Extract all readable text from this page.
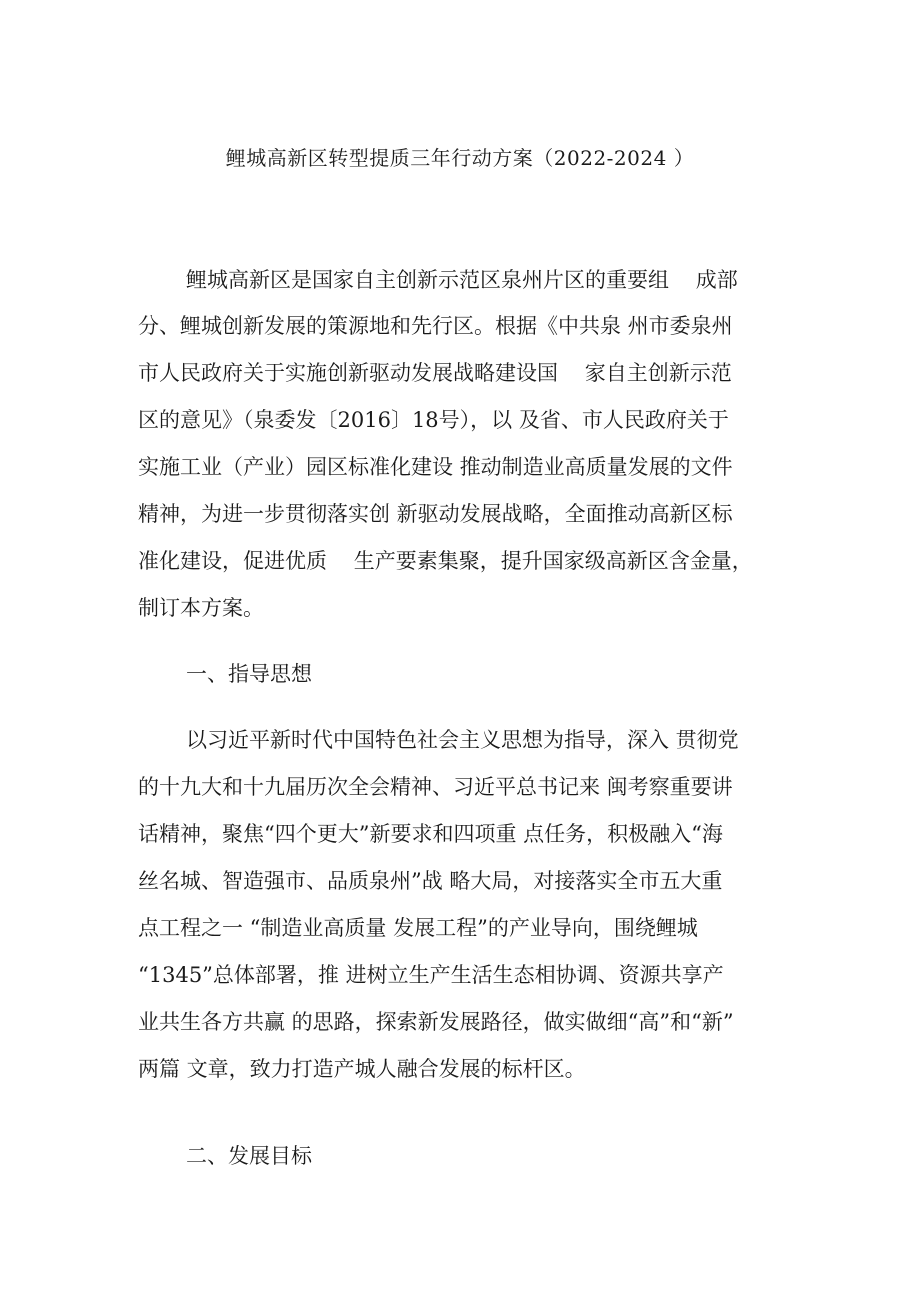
鲤城高新区转型提质三年行动方案（2022-2024 ）
鲤城高新区是国家自主创新示范区泉州片区的重要组    成部
分、鲤城创新发展的策源地和先行区。根据《中共泉 州市委泉州
市人民政府关于实施创新驱动发展战略建设国    家自主创新示范
区的意见》（泉委发〔2016〕18号），以 及省、市人民政府关于
实施工业（产业）园区标准化建设 推动制造业高质量发展的文件
精神，为进一步贯彻落实创 新驱动发展战略，全面推动高新区标
准化建设，促进优质    生产要素集聚，提升国家级高新区含金量，
制订本方案。
一、指导思想
以习近平新时代中国特色社会主义思想为指导，深入 贯彻党
的十九大和十九届历次全会精神、习近平总书记来 闽考察重要讲
话精神，聚焦“四个更大”新要求和四项重 点任务，积极融入“海
丝名城、智造强市、品质泉州”战 略大局，对接落实全市五大重
点工程之一 “制造业高质量 发展工程”的产业导向，围绕鲤城
“1345”总体部署，推 进树立生产生活生态相协调、资源共享产
业共生各方共赢 的思路，探索新发展路径，做实做细“高”和“新”
两篇 文章，致力打造产城人融合发展的标杆区。
二、发展目标
